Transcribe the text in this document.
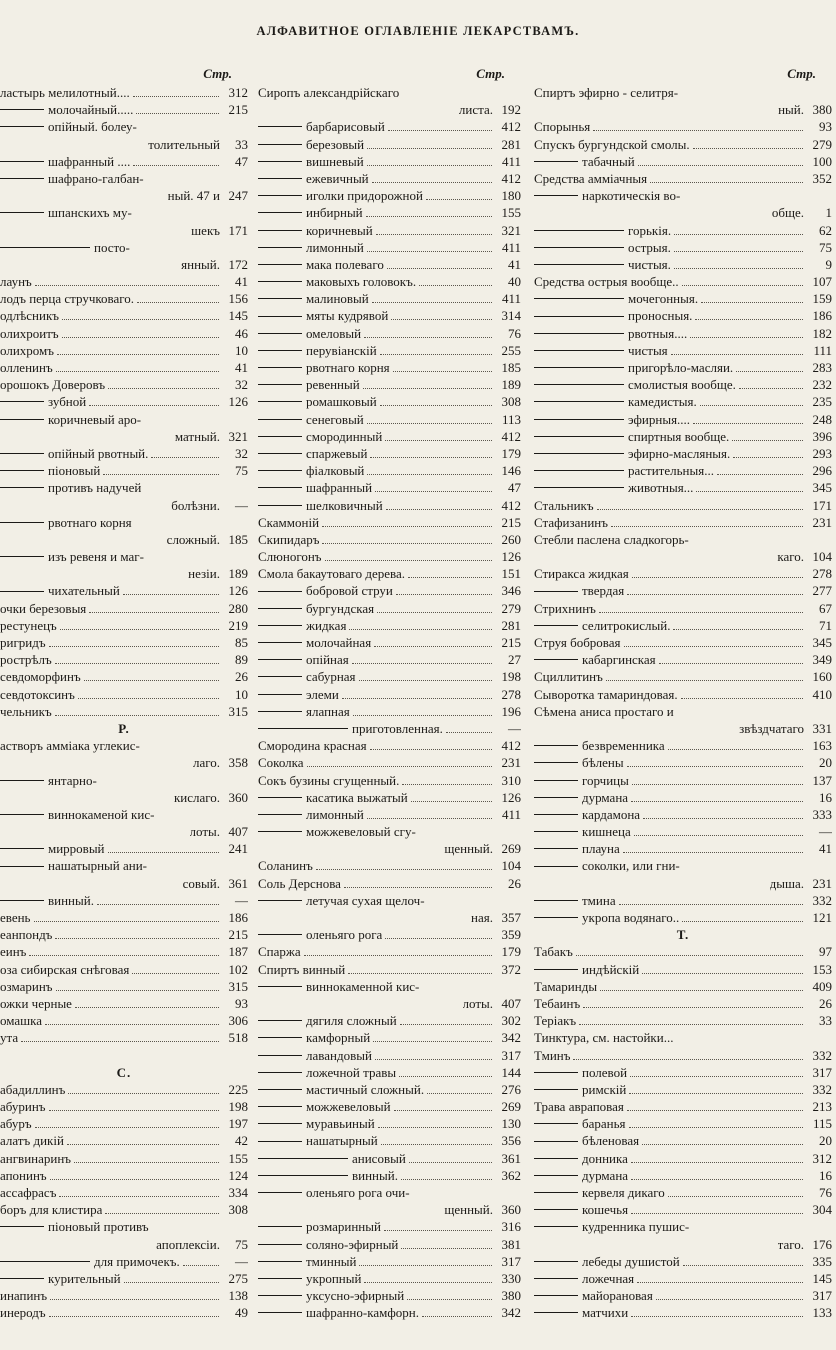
АЛФАВИТНОЕ ОГЛАВЛЕНІЕ ЛЕКАРСТВАМЪ.
Стр.
ластырь мелилотный....	312
молочайный.....	215
опійный. болеу-
толительный	33
шафранный ....	47
шафрано-галбан-
ный. 47 и 247
шпанскихъ му-
шекъ 171
посто-
янный. 172
лаунъ	41
лодъ перца стручковаго.	156
одлѣсникъ	145
олихроитъ	46
олихромъ	10
олленинъ	41
орошокъ Доверовъ	32
зубной	126
коричневый аро-
матный. 321
опійный рвотный.	32
піоновый	75
противъ надучей
болѣзни.	—
рвотнаго корня
сложный. 185
изъ ревеня и маг-
незіи. 189
чихательный	126
очки березовыя	280
рестунецъ	219
ригридъ	85
рострѣлъ	89
севдоморфинъ	26
севдотоксинъ	10
чельникъ	315
Р.
астворъ амміака углекис-
лаго. 358
янтарно-
кислаго. 360
виннокаменой кис-
лоты. 407
мирровый	241
нашатырный ани-
совый. 361
винный.	—
евень	186
еанпондъ	215
еинъ	187
оза сибирская снѣговая	102
озмаринъ	315
ожки черные	93
омашка	306
ута	518
С.
абадиллинъ	225
абуринъ	198
абуръ	197
алатъ дикій	42
ангвинаринъ	155
апонинъ	124
ассафрасъ	334
боръ для клистира	308
піоновый противъ
апоплексіи.	75
для примочекъ.	—
курительный	275
инапинъ	138
инеродъ	49
Стр.
Сиропъ александрійскаго
листа. 192
барбарисовый	412
березовый	281
вишневый	411
ежевичный	412
иголки придорожной	180
инбирный	155
коричневый	321
лимонный	411
мака полеваго	41
маковыхъ головокъ.	40
малиновый	411
мяты кудрявой	314
омеловый	76
перувіанскій	255
рвотнаго корня	185
ревенный	189
ромашковый	308
сенеговый	113
смородинный	412
спаржевый	179
фіалковый	146
шафранный	47
шелковичный	412
Скаммоній	215
Скипидаръ	260
Слюногонъ	126
Смола бакаутоваго дерева.	151
бобровой струи	346
бургундская	279
жидкая	281
молочайная	215
опійная	27
сабурная	198
элеми	278
ялапная	196
приготовленная.	—
Смородина красная	412
Соколка	231
Сокъ бузины сгущенный.	310
касатика выжатый	126
лимонный	411
можжевеловый сгу-
щенный. 269
Соланинъ	104
Соль Дерснова	26
летучая сухая щелоч-
ная. 357
оленьяго рога	359
Спаржа	179
Спиртъ винный	372
виннокаменной кис-
лоты. 407
дягиля сложный	302
камфорный	342
лавандовый	317
ложечной травы	144
мастичный сложный.	276
можжевеловый	269
муравьиный	130
нашатырный	356
анисовый	361
винный.	362
оленьяго рога очи-
щенный. 360
розмаринный	316
соляно-эфирный	381
тминный	317
укропный	330
уксусно-эфирный	380
шафранно-камфорн.	342
Стр.
Спиртъ эфирно - селитря-
ный. 380
Спорынья	93
Спускъ бургундской смолы.	279
табачный	100
Средства амміачныя	352
наркотическія во-
обще.	1
горькія.	62
острыя.	75
чистыя.	9
Средства острыя вообще..	107
мочегонныя.	159
проносныя.	186
рвотныя....	182
чистыя	111
пригорѣло-масляи.	283
смолистыя вообще.	232
камедистыя.	235
эфирныя....	248
спиртныя вообще.	396
эфирно-масляныя.	293
растительныя...	296
животныя...	345
Стальникъ	171
Стафизанинъ	231
Стебли паслена сладкогорь-
каго. 104
Стиракса жидкая	278
твердая	277
Стрихнинъ	67
селитрокислый.	71
Струя бобровая	345
кабаргинская	349
Сциллитинъ	160
Сыворотка тамариндовая.	410
Сѣмена аниса простаго и
звѣздчатаго 331
безвременника	163
бѣлены	20
горчицы	137
дурмана	16
кардамона	333
кишнеца	—
плауна	41
соколки, или гни-
дыша. 231
тмина	332
укропа водянаго..	121
Т.
Табакъ	97
индѣйскій	153
Тамаринды	409
Тебаинъ	26
Теріакъ	33
Тинктура, см. настойки...
Тминъ	332
полевой	317
римскій	332
Трава авраповая	213
баранья	115
бѣленовая	20
донника	312
дурмана	16
кервеля дикаго	76
кошечья	304
кудренника пушис-
таго. 176
лебеды душистой	335
ложечная	145
майорановая	317
матчихи	133
